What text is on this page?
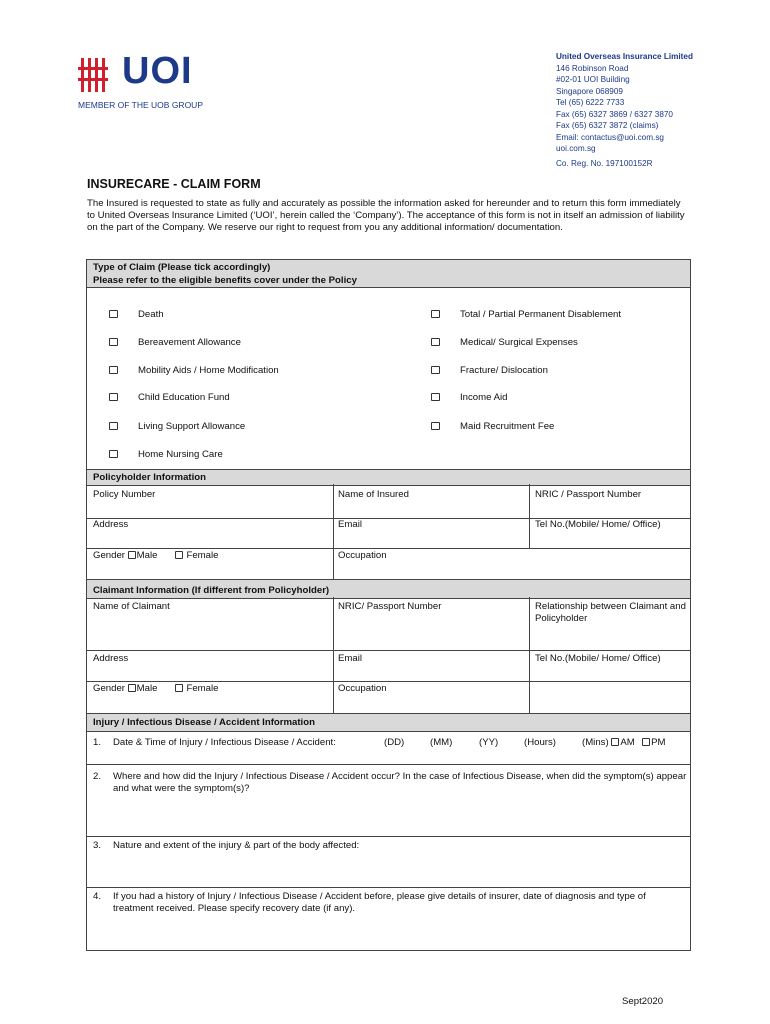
UOI
MEMBER OF THE UOB GROUP
United Overseas Insurance Limited
146 Robinson Road
#02-01 UOI Building
Singapore 068909
Tel (65) 6222 7733
Fax (65) 6327 3869 / 6327 3870
Fax (65) 6327 3872 (claims)
Email: contactus@uoi.com.sg
uoi.com.sg
Co. Reg. No. 197100152R
INSURECARE - CLAIM FORM
The Insured is requested to state as fully and accurately as possible the information asked for hereunder and to return this form immediately to United Overseas Insurance Limited (‘UOI’, herein called the ‘Company’). The acceptance of this form is not in itself an admission of liability on the part of the Company. We reserve our right to request from you any additional information/ documentation.
Type of Claim (Please tick accordingly)
Please refer to the eligible benefits cover under the Policy
Death
Bereavement Allowance
Mobility Aids / Home Modification
Child Education Fund
Living Support Allowance
Home Nursing Care
Total / Partial Permanent Disablement
Medical/ Surgical Expenses
Fracture/ Dislocation
Income Aid
Maid Recruitment Fee
Policyholder Information
Policy Number	Name of Insured	NRIC / Passport Number
Address	Email	Tel No.(Mobile/ Home/ Office)
Gender Male	Female	Occupation
Claimant Information (If different from Policyholder)
Name of Claimant	NRIC/ Passport Number	Relationship between Claimant and Policyholder
Address	Email	Tel No.(Mobile/ Home/ Office)
Gender Male	Female	Occupation
Injury / Infectious Disease / Accident Information
1. Date & Time of Injury / Infectious Disease / Accident:	(DD)	(MM)	(YY)	(Hours)	(Mins) AM PM
2. Where and how did the Injury / Infectious Disease / Accident occur? In the case of Infectious Disease, when did the symptom(s) appear and what were the symptom(s)?
3. Nature and extent of the injury & part of the body affected:
4. If you had a history of Injury / Infectious Disease / Accident before, please give details of insurer, date of diagnosis and type of treatment received. Please specify recovery date (if any).
Sept2020
